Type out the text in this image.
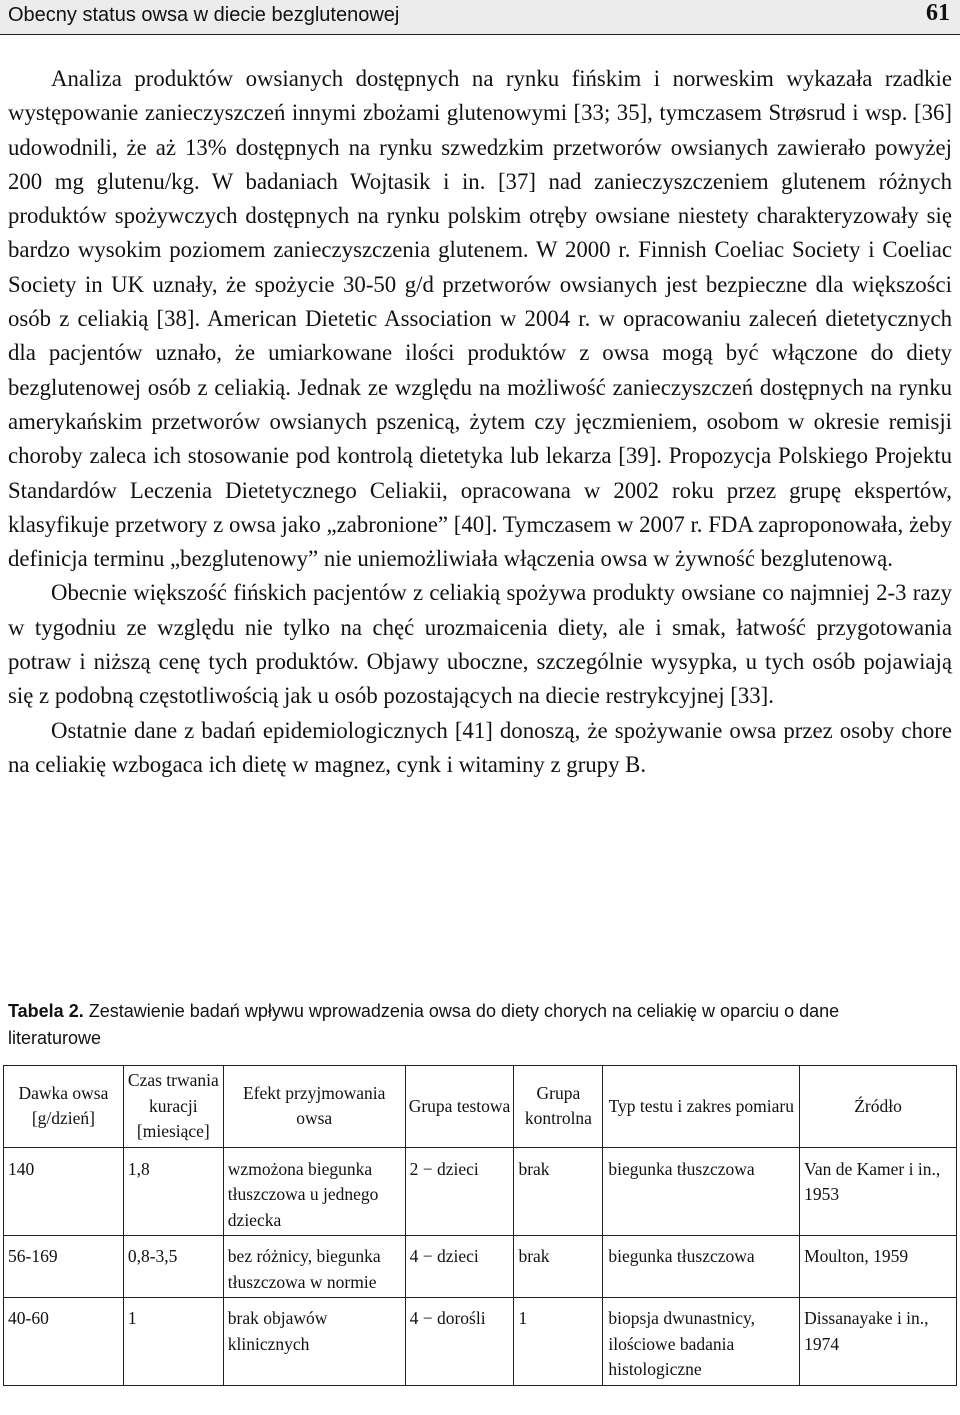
Obecny status owsa w diecie bezglutenowej	61

Analiza produktów owsianych dostępnych na rynku fińskim i norweskim wykazała rzadkie występowanie zanieczyszczeń innymi zbożami glutenowymi [33; 35], tymczasem Strøsrud i wsp. [36] udowodnili, że aż 13% dostępnych na rynku szwedzkim przetworów owsianych zawierało powyżej 200 mg glutenu/kg. W badaniach Wojtasik i in. [37] nad zanieczyszczeniem glutenem różnych produktów spożywczych dostępnych na rynku polskim otręby owsiane niestety charakteryzowały się bardzo wysokim poziomem zanieczyszczenia glutenem. W 2000 r. Finnish Coeliac Society i Coeliac Society in UK uznały, że spożycie 30-50 g/d przetworów owsianych jest bezpieczne dla większości osób z celiakią [38]. American Dietetic Association w 2004 r. w opracowaniu zaleceń dietetycznych dla pacjentów uznało, że umiarkowane ilości produktów z owsa mogą być włączone do diety bezglutenowej osób z celiakią. Jednak ze względu na możliwość zanieczyszczeń dostępnych na rynku amerykańskim przetworów owsianych pszenicą, żytem czy jęczmieniem, osobom w okresie remisji choroby zaleca ich stosowanie pod kontrolą dietetyka lub lekarza [39]. Propozycja Polskiego Projektu Standardów Leczenia Dietetycznego Celiakii, opracowana w 2002 roku przez grupę ekspertów, klasyfikuje przetwory z owsa jako „zabronione” [40]. Tymczasem w 2007 r. FDA zaproponowała, żeby definicja terminu „bezglutenowy” nie uniemożliwiała włączenia owsa w żywność bezglutenową.

Obecnie większość fińskich pacjentów z celiakią spożywa produkty owsiane co najmniej 2-3 razy w tygodniu ze względu nie tylko na chęć urozmaicenia diety, ale i smak, łatwość przygotowania potraw i niższą cenę tych produktów. Objawy uboczne, szczególnie wysypka, u tych osób pojawiają się z podobną częstotliwością jak u osób pozostających na diecie restrykcyjnej [33].

Ostatnie dane z badań epidemiologicznych [41] donoszą, że spożywanie owsa przez osoby chore na celiakię wzbogaca ich dietę w magnez, cynk i witaminy z grupy B.

Tabela 2. Zestawienie badań wpływu wprowadzenia owsa do diety chorych na celiakię w oparciu o dane literaturowe
Dawka owsa [g/dzień]	Czas trwania kuracji [miesiące]	Efekt przyjmowania owsa	Grupa testowa	Grupa kontrolna	Typ testu i zakres pomiaru	Źródło
140	1,8	wzmożona biegunka tłuszczowa u jednego dziecka	2 − dzieci	brak	biegunka tłuszczowa	Van de Kamer i in., 1953
56-169	0,8-3,5	bez różnicy, biegunka tłuszczowa w normie	4 − dzieci	brak	biegunka tłuszczowa	Moulton, 1959
40-60	1	brak objawów klinicznych	4 − dorośli	1	biopsja dwunastnicy, ilościowe badania histologiczne	Dissanayake i in., 1974
